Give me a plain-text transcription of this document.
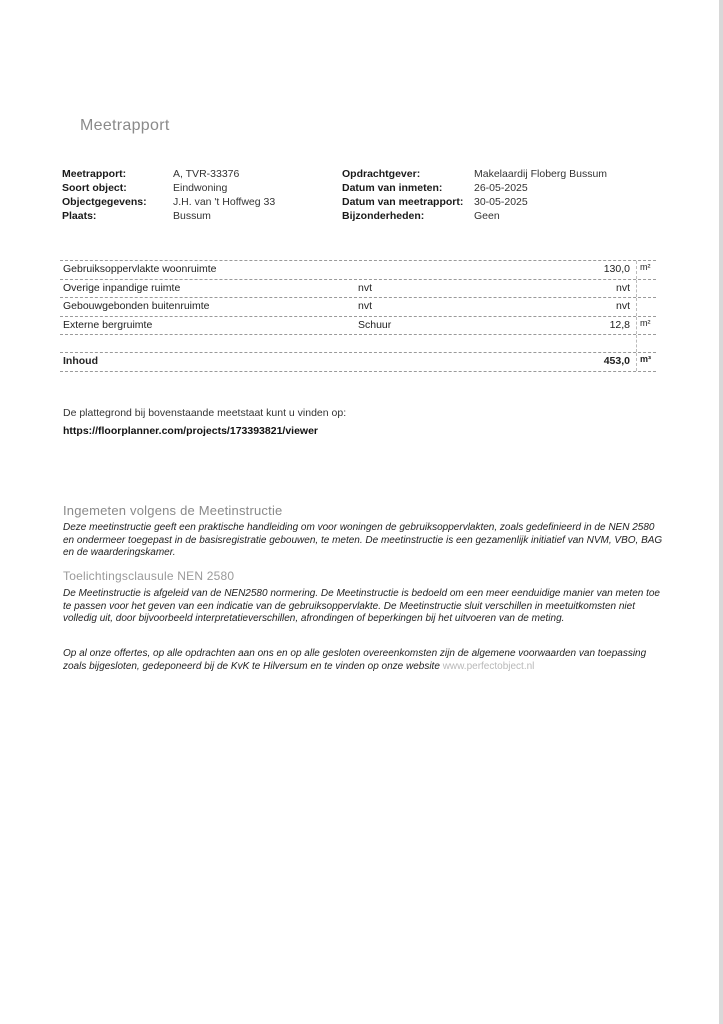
Meetrapport
Meetrapport:	A, TVR-33376
Soort object:	Eindwoning
Objectgegevens:	J.H. van 't Hoffweg 33
Plaats:	Bussum
Opdrachtgever:	Makelaardij Floberg Bussum
Datum van inmeten:	26-05-2025
Datum van meetrapport:	30-05-2025
Bijzonderheden:	Geen
Gebruiksoppervlakte woonruimte	130,0 m²
Overige inpandige ruimte	nvt	nvt
Gebouwgebonden buitenruimte	nvt	nvt
Externe bergruimte	Schuur	12,8 m²
Inhoud	453,0 m³
De plattegrond bij bovenstaande meetstaat kunt u vinden op:
https://floorplanner.com/projects/173393821/viewer
Ingemeten volgens de Meetinstructie
Deze meetinstructie geeft een praktische handleiding om voor woningen de gebruiksoppervlakten, zoals gedefinieerd in de NEN 2580 en ondermeer toegepast in de basisregistratie gebouwen, te meten. De meetinstructie is een gezamenlijk initiatief van NVM, VBO, BAG en de waarderingskamer.
Toelichtingsclausule NEN 2580
De Meetinstructie is afgeleid van de NEN2580 normering. De Meetinstructie is bedoeld om een meer eenduidige manier van meten toe te passen voor het geven van een indicatie van de gebruiksoppervlakte. De Meetinstructie sluit verschillen in meetuitkomsten niet volledig uit, door bijvoorbeeld interpretatieverschillen, afrondingen of beperkingen bij het uitvoeren van de meting.
Op al onze offertes, op alle opdrachten aan ons en op alle gesloten overeenkomsten zijn de algemene voorwaarden van toepassing zoals bijgesloten, gedeponeerd bij de KvK te Hilversum en te vinden op onze website www.perfectobject.nl
